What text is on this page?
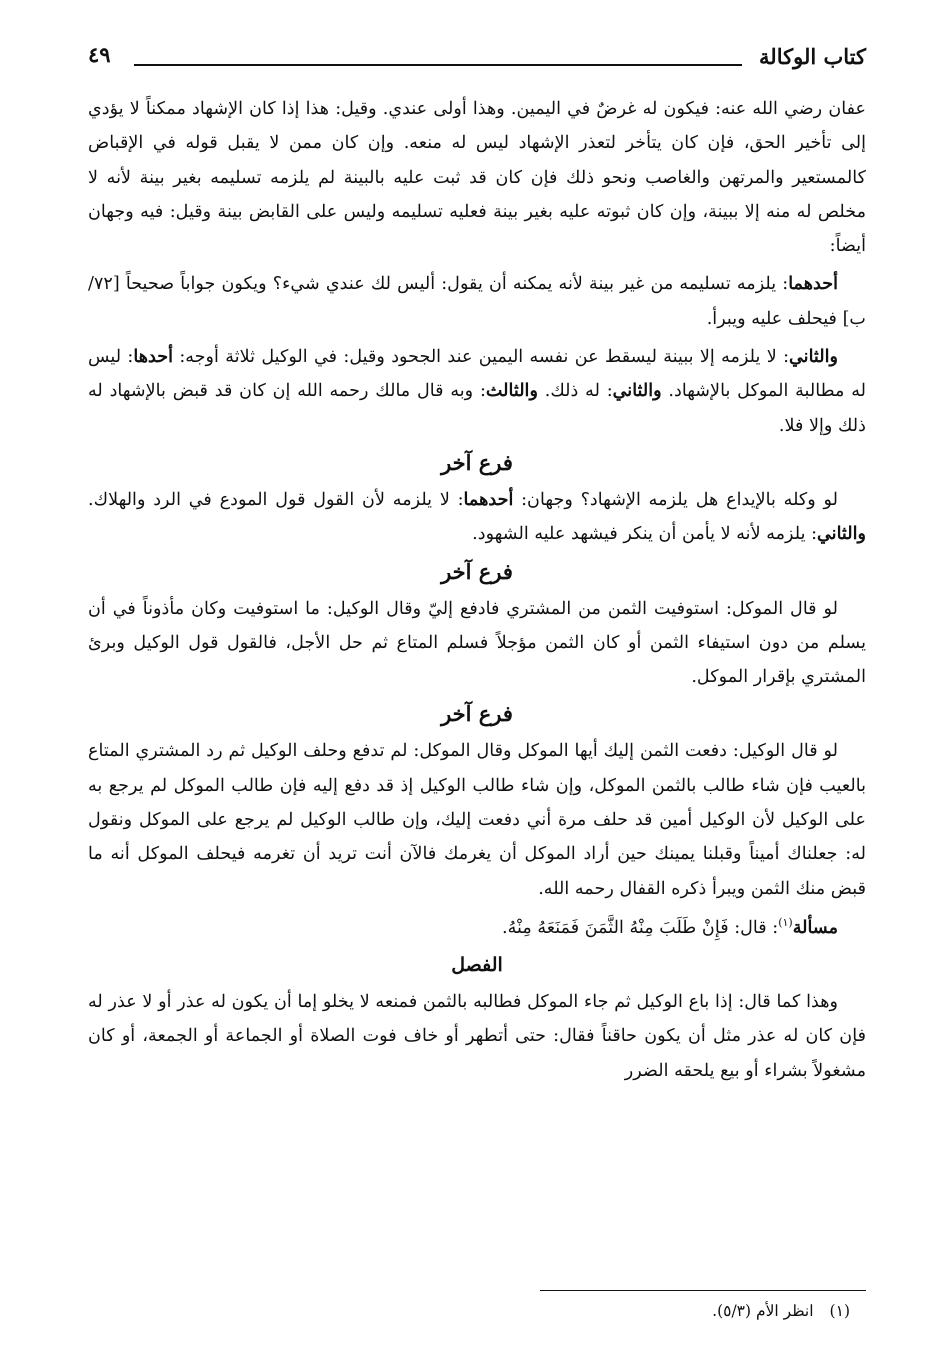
كتاب الوكالة
٤٩

عفان رضي الله عنه: فيكون له غرضٌ في اليمين. وهذا أولى عندي. وقيل: هذا إذا كان الإشهاد ممكناً لا يؤدي إلى تأخير الحق، فإن كان يتأخر لتعذر الإشهاد ليس له منعه. وإن كان ممن لا يقبل قوله في الإقباض كالمستعير والمرتهن والغاصب ونحو ذلك فإن كان قد ثبت عليه بالبينة لم يلزمه تسليمه بغير بينة لأنه لا مخلص له منه إلا ببينة، وإن كان ثبوته عليه بغير بينة فعليه تسليمه وليس على القابض بينة وقيل: فيه وجهان أيضاً:

أحدهما: يلزمه تسليمه من غير بينة لأنه يمكنه أن يقول: أليس لك عندي شيء؟ ويكون جواباً صحيحاً [٧٢/ب] فيحلف عليه ويبرأ.

والثاني: لا يلزمه إلا ببينة ليسقط عن نفسه اليمين عند الجحود وقيل: في الوكيل ثلاثة أوجه: أحدها: ليس له مطالبة الموكل بالإشهاد. والثاني: له ذلك. والثالث: وبه قال مالك رحمه الله إن كان قد قبض بالإشهاد له ذلك وإلا فلا.

فرع آخر

لو وكله بالإيداع هل يلزمه الإشهاد؟ وجهان: أحدهما: لا يلزمه لأن القول قول المودع في الرد والهلاك. والثاني: يلزمه لأنه لا يأمن أن ينكر فيشهد عليه الشهود.

فرع آخر

لو قال الموكل: استوفيت الثمن من المشتري فادفع إليّ وقال الوكيل: ما استوفيت وكان مأذوناً في أن يسلم من دون استيفاء الثمن أو كان الثمن مؤجلاً فسلم المتاع ثم حل الأجل، فالقول قول الوكيل وبرئ المشتري بإقرار الموكل.

فرع آخر

لو قال الوكيل: دفعت الثمن إليك أيها الموكل وقال الموكل: لم تدفع وحلف الوكيل ثم رد المشتري المتاع بالعيب فإن شاء طالب بالثمن الموكل، وإن شاء طالب الوكيل إذ قد دفع إليه فإن طالب الموكل لم يرجع به على الوكيل لأن الوكيل أمين قد حلف مرة أني دفعت إليك، وإن طالب الوكيل لم يرجع على الموكل ونقول له: جعلناك أميناً وقبلنا يمينك حين أراد الموكل أن يغرمك فالآن أنت تريد أن تغرمه فيحلف الموكل أنه ما قبض منك الثمن ويبرأ ذكره القفال رحمه الله.

مسألة$^{(١)}$: قال: فَإِنْ طَلَبَ مِنْهُ الثَّمَنَ فَمَنَعَهُ مِنْهُ.

الفصل

وهذا كما قال: إذا باع الوكيل ثم جاء الموكل فطالبه بالثمن فمنعه لا يخلو إما أن يكون له عذر أو لا عذر له فإن كان له عذر مثل أن يكون حاقناً فقال: حتى أتطهر أو خاف فوت الصلاة أو الجماعة أو الجمعة، أو كان مشغولاً بشراء أو بيع يلحقه الضرر

(١)انظر الأم (٥/٣).
